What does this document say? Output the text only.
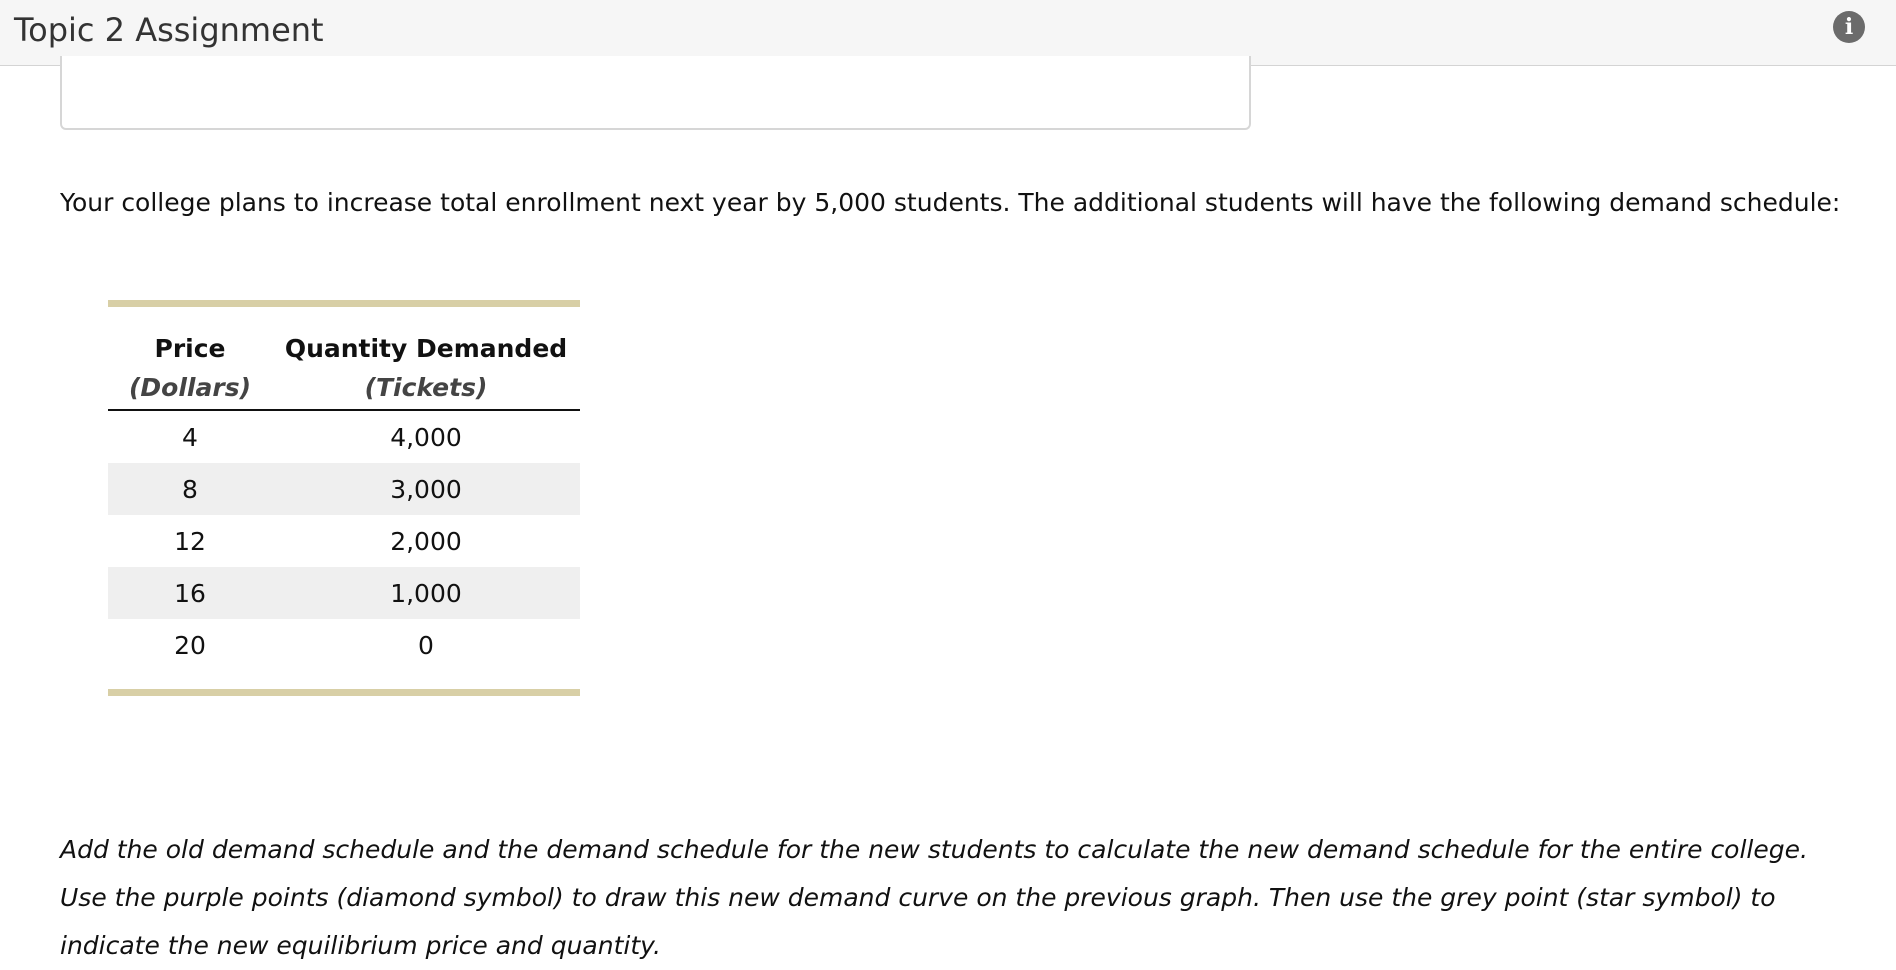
Topic 2 Assignment	i
Your college plans to increase total enrollment next year by 5,000 students. The additional students will have the following demand schedule:

Price	Quantity Demanded
(Dollars)	(Tickets)
4	4,000
8	3,000
12	2,000
16	1,000
20	0

Add the old demand schedule and the demand schedule for the new students to calculate the new demand schedule for the entire college. Use the purple points (diamond symbol) to draw this new demand curve on the previous graph. Then use the grey point (star symbol) to indicate the new equilibrium price and quantity.
